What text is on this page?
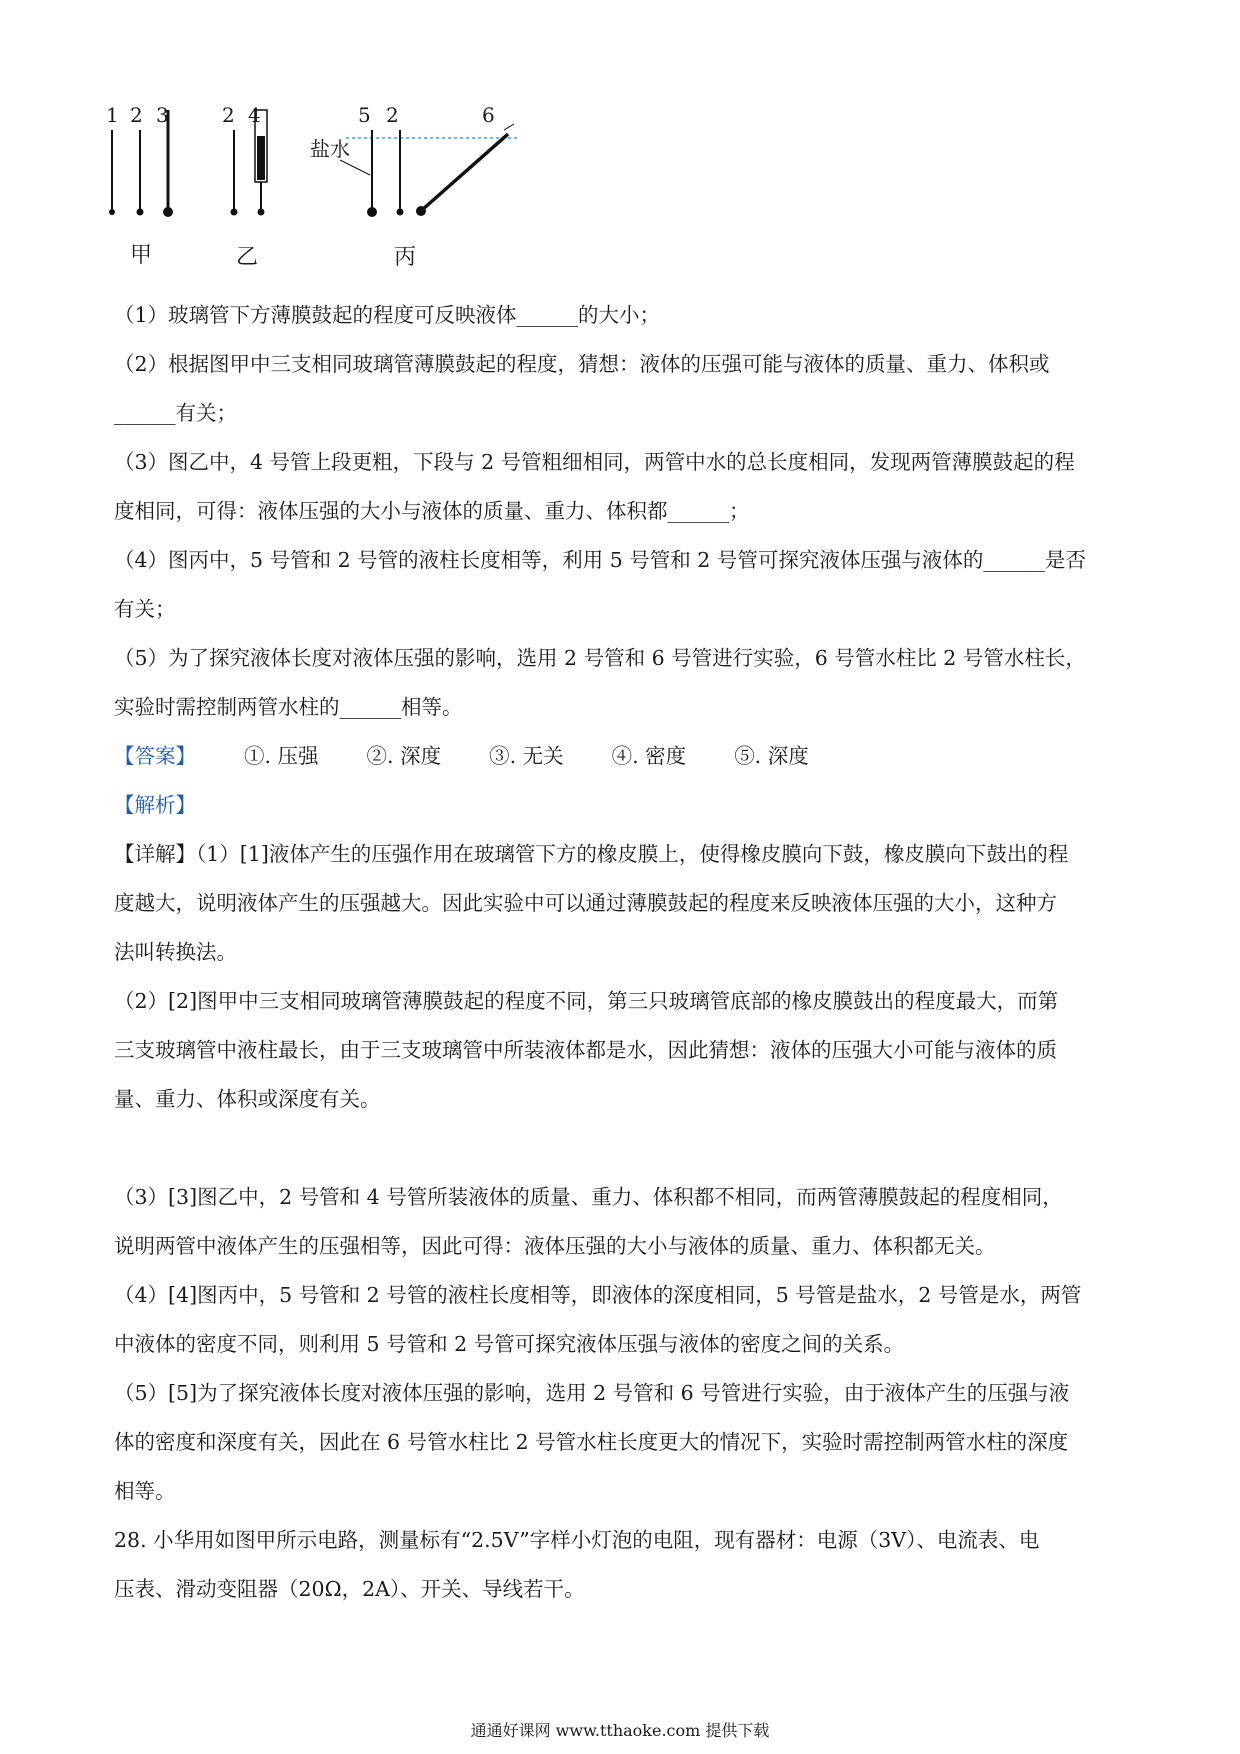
1 2 3	2 4	5 2	6
盐水
甲	乙	丙
（1）玻璃管下方薄膜鼓起的程度可反映液体______的大小；
（2）根据图甲中三支相同玻璃管薄膜鼓起的程度，猜想：液体的压强可能与液体的质量、重力、体积或
______有关；
（3）图乙中，4 号管上段更粗，下段与 2 号管粗细相同，两管中水的总长度相同，发现两管薄膜鼓起的程
度相同，可得：液体压强的大小与液体的质量、重力、体积都______；
（4）图丙中，5 号管和 2 号管的液柱长度相等，利用 5 号管和 2 号管可探究液体压强与液体的______是否
有关；
（5）为了探究液体长度对液体压强的影响，选用 2 号管和 6 号管进行实验，6 号管水柱比 2 号管水柱长，
实验时需控制两管水柱的______相等。
【答案】 ①. 压强 ②. 深度 ③. 无关 ④. 密度 ⑤. 深度
【解析】
【详解】（1）[1]液体产生的压强作用在玻璃管下方的橡皮膜上，使得橡皮膜向下鼓，橡皮膜向下鼓出的程
度越大，说明液体产生的压强越大。因此实验中可以通过薄膜鼓起的程度来反映液体压强的大小，这种方
法叫转换法。
（2）[2]图甲中三支相同玻璃管薄膜鼓起的程度不同，第三只玻璃管底部的橡皮膜鼓出的程度最大，而第
三支玻璃管中液柱最长，由于三支玻璃管中所装液体都是水，因此猜想：液体的压强大小可能与液体的质
量、重力、体积或深度有关。
（3）[3]图乙中，2 号管和 4 号管所装液体的质量、重力、体积都不相同，而两管薄膜鼓起的程度相同，
说明两管中液体产生的压强相等，因此可得：液体压强的大小与液体的质量、重力、体积都无关。
（4）[4]图丙中，5 号管和 2 号管的液柱长度相等，即液体的深度相同，5 号管是盐水，2 号管是水，两管
中液体的密度不同，则利用 5 号管和 2 号管可探究液体压强与液体的密度之间的关系。
（5）[5]为了探究液体长度对液体压强的影响，选用 2 号管和 6 号管进行实验，由于液体产生的压强与液
体的密度和深度有关，因此在 6 号管水柱比 2 号管水柱长度更大的情况下，实验时需控制两管水柱的深度
相等。
28. 小华用如图甲所示电路，测量标有“2.5V”字样小灯泡的电阻，现有器材：电源（3V）、电流表、电
压表、滑动变阻器（20Ω，2A）、开关、导线若干。
通通好课网 www.tthaoke.com 提供下载
